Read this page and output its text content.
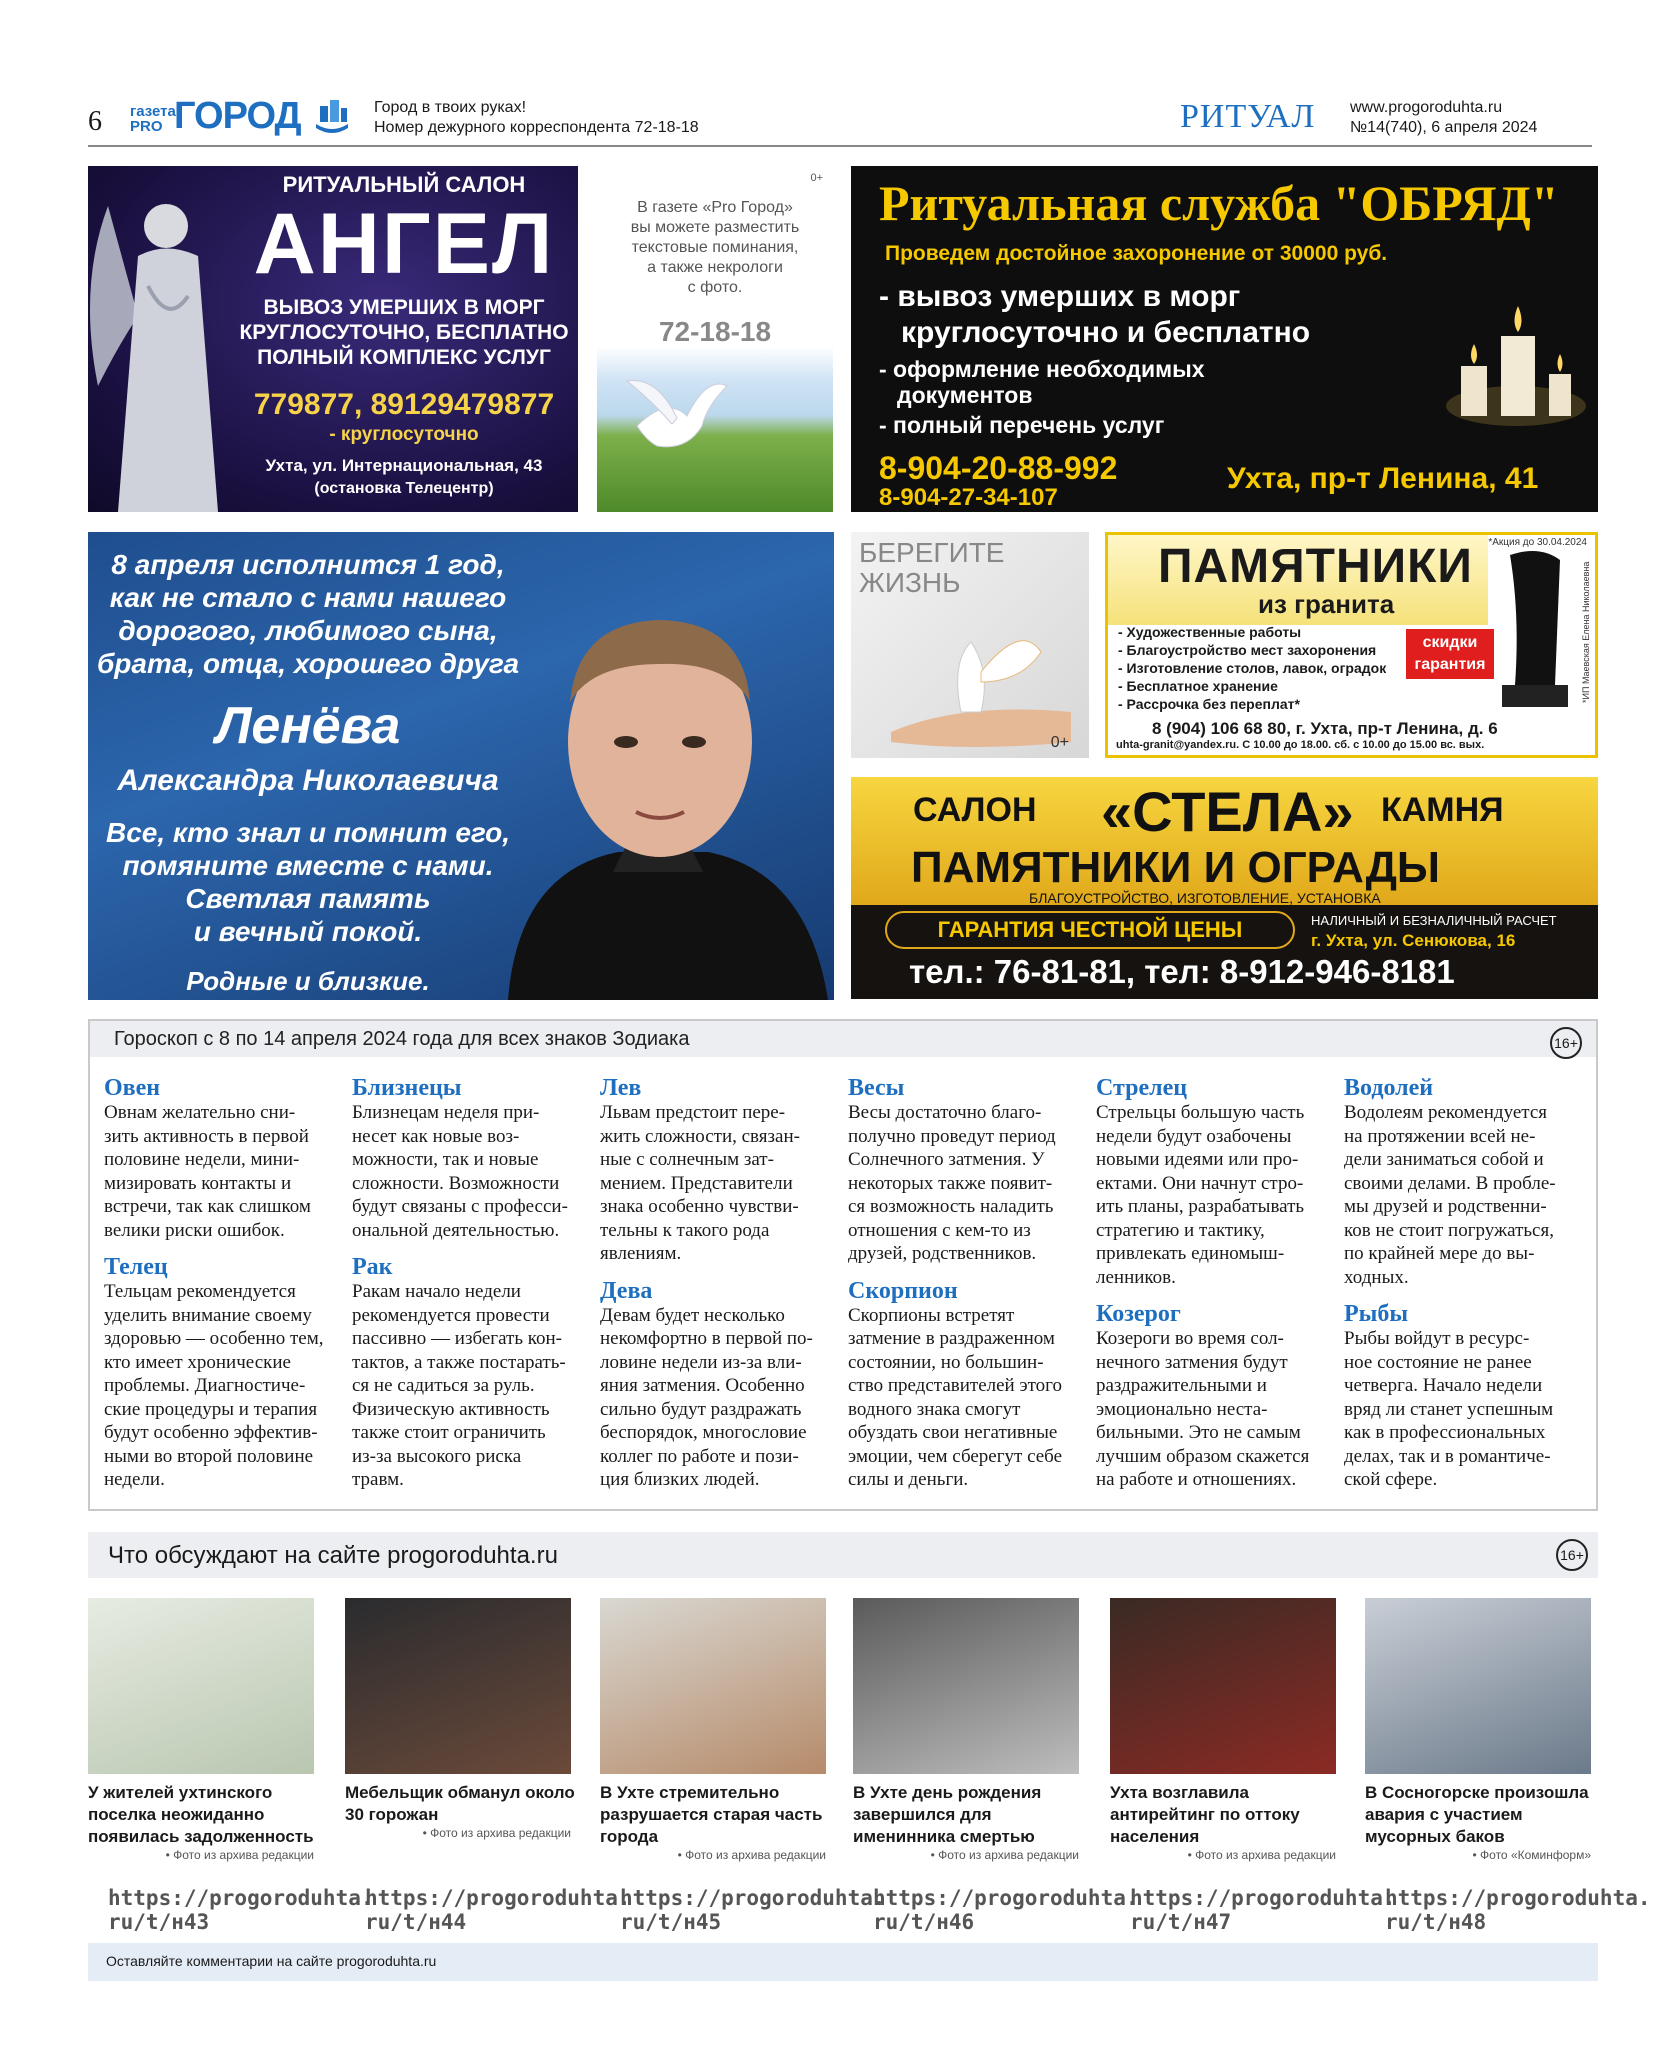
6 газета PRO ГОРОД	Город в твоих руках!
Номер дежурного корреспондента 72-18-18	РИТУАЛ www.progoroduhta.ru
№14(740), 6 апреля 2024
РИТУАЛЬНЫЙ САЛОН
АНГЕЛ
ВЫВОЗ УМЕРШИХ В МОРГ
КРУГЛОСУТОЧНО, БЕСПЛАТНО
ПОЛНЫЙ КОМПЛЕКС УСЛУГ
779877, 89129479877
- круглосуточно
Ухта, ул. Интернациональная, 43
(остановка Телецентр)
0+
В газете «Pro Город»
вы можете разместить
текстовые поминания,
а также некрологи
с фото.
72-18-18
Ритуальная служба "ОБРЯД"
Проведем достойное захоронение от 30000 руб.
- вывоз умерших в морг
круглосуточно и бесплатно
- оформление необходимых
документов
- полный перечень услуг
8-904-20-88-992
8-904-27-34-107
Ухта, пр-т Ленина, 41
8 апреля исполнится 1 год,
как не стало с нами нашего
дорогого, любимого сына,
брата, отца, хорошего друга
Ленёва
Александра Николаевича
Все, кто знал и помнит его,
помяните вместе с нами.
Светлая память
и вечный покой.
Родные и близкие.
БЕРЕГИТЕ
ЖИЗНЬ
0+
*Акция до 30.04.2024
ПАМЯТНИКИ
из гранита
- Художественные работы
- Благоустройство мест захоронения
- Изготовление столов, лавок, оградок
- Бесплатное хранение
- Рассрочка без переплат*
скидки
гарантия	*ИП Маевская Елена Николаевна
8 (904) 106 68 80, г. Ухта, пр-т Ленина, д. 6
uhta-granit@yandex.ru. С 10.00 до 18.00. сб. с 10.00 до 15.00 вс. вых.
САЛОН «СТЕЛА» КАМНЯ
ПАМЯТНИКИ И ОГРАДЫ
БЛАГОУСТРОЙСТВО, ИЗГОТОВЛЕНИЕ, УСТАНОВКА
ГАРАНТИЯ ЧЕСТНОЙ ЦЕНЫ	НАЛИЧНЫЙ И БЕЗНАЛИЧНЫЙ РАСЧЕТ
г. Ухта, ул. Сенюкова, 16
тел.: 76-81-81, тел: 8-912-946-8181
Гороскоп с 8 по 14 апреля 2024 года для всех знаков Зодиака	16+
Овен
Овнам желательно сни-
зить активность в первой
половине недели, мини-
мизировать контакты и
встречи, так как слишком
велики риски ошибок.
Телец
Тельцам рекомендуется
уделить внимание своему
здоровью — особенно тем,
кто имеет хронические
проблемы. Диагностиче-
ские процедуры и терапия
будут особенно эффектив-
ными во второй половине
недели.
Близнецы
Близнецам неделя при-
несет как новые воз-
можности, так и новые
сложности. Возможности
будут связаны с професси-
ональной деятельностью.
Рак
Ракам начало недели
рекомендуется провести
пассивно — избегать кон-
тактов, а также постарать-
ся не садиться за руль.
Физическую активность
также стоит ограничить
из-за высокого риска
травм.
Лев
Львам предстоит пере-
жить сложности, связан-
ные с солнечным зат-
мением. Представители
знака особенно чувстви-
тельны к такого рода
явлениям.
Дева
Девам будет несколько
некомфортно в первой по-
ловине недели из-за вли-
яния затмения. Особенно
сильно будут раздражать
беспорядок, многословие
коллег по работе и пози-
ция близких людей.
Весы
Весы достаточно благо-
получно проведут период
Солнечного затмения. У
некоторых также появит-
ся возможность наладить
отношения с кем-то из
друзей, родственников.
Скорпион
Скорпионы встретят
затмение в раздраженном
состоянии, но большин-
ство представителей этого
водного знака смогут
обуздать свои негативные
эмоции, чем сберегут себе
силы и деньги.
Стрелец
Стрельцы большую часть
недели будут озабочены
новыми идеями или про-
ектами. Они начнут стро-
ить планы, разрабатывать
стратегию и тактику,
привлекать единомыш-
ленников.
Козерог
Козероги во время сол-
нечного затмения будут
раздражительными и
эмоционально неста-
бильными. Это не самым
лучшим образом скажется
на работе и отношениях.
Водолей
Водолеям рекомендуется
на протяжении всей не-
дели заниматься собой и
своими делами. В пробле-
мы друзей и родственни-
ков не стоит погружаться,
по крайней мере до вы-
ходных.
Рыбы
Рыбы войдут в ресурс-
ное состояние не ранее
четверга. Начало недели
вряд ли станет успешным
как в профессиональных
делах, так и в романтиче-
ской сфере.
Что обсуждают на сайте progoroduhta.ru	16+
У жителей ухтинского поселка неожиданно появилась задолженность
• Фото из архива редакции
https://progoroduhta.
ru/t/н43
Мебельщик обманул около 30 горожан
• Фото из архива редакции
https://progoroduhta.
ru/t/н44
В Ухте стремительно разрушается старая часть города
• Фото из архива редакции
https://progoroduhta.
ru/t/н45
В Ухте день рождения завершился для именинника смертью
• Фото из архива редакции
https://progoroduhta.
ru/t/н46
Ухта возглавила антирейтинг по оттоку населения
• Фото из архива редакции
https://progoroduhta.
ru/t/н47
В Сосногорске произошла авария с участием мусорных баков
• Фото «Коминформ»
https://progoroduhta.
ru/t/н48
Оставляйте комментарии на сайте progoroduhta.ru
